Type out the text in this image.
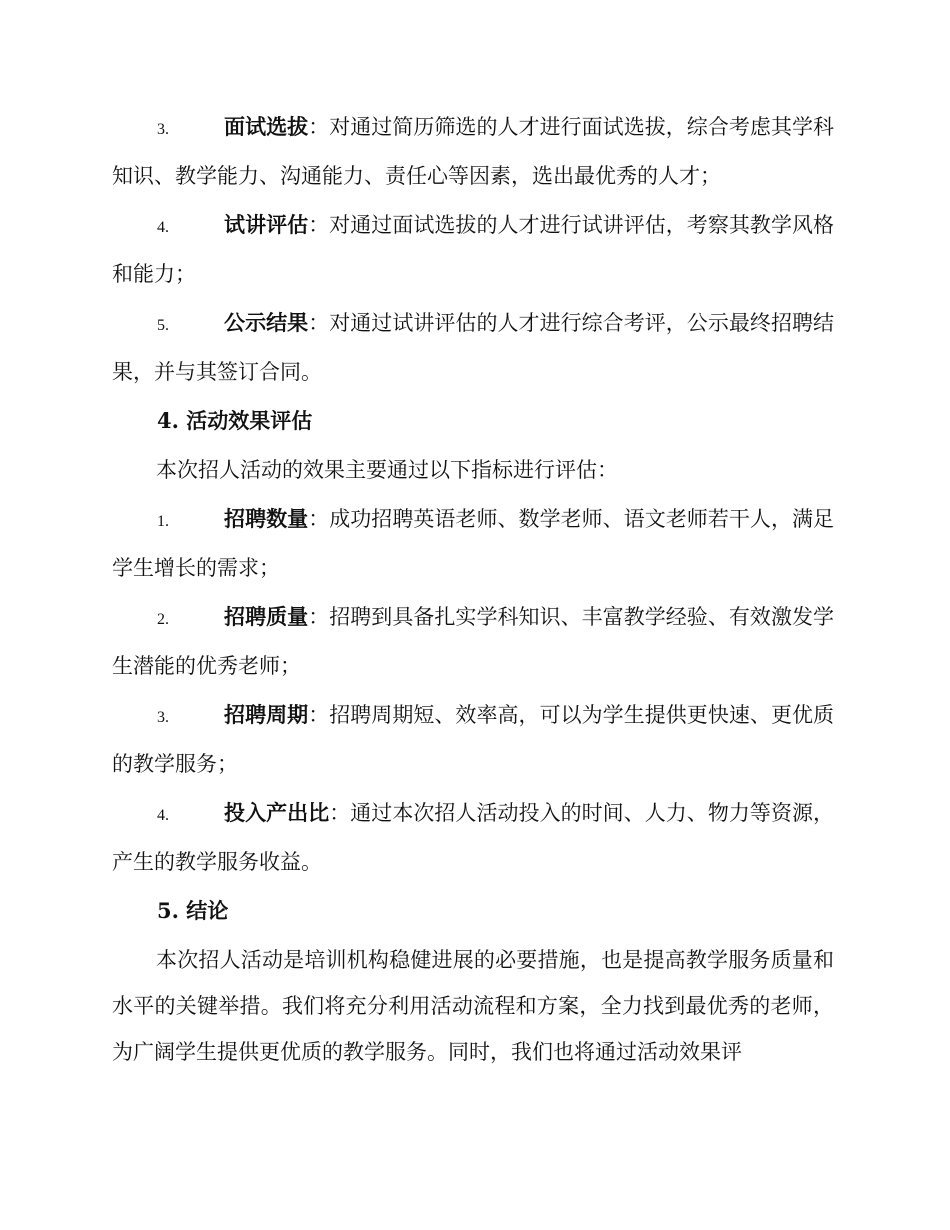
3.	面试选拔：对通过简历筛选的人才进行面试选拔，综合考虑其学科知识、教学能力、沟通能力、责任心等因素，选出最优秀的人才；

4.	试讲评估：对通过面试选拔的人才进行试讲评估，考察其教学风格和能力；

5.	公示结果：对通过试讲评估的人才进行综合考评，公示最终招聘结果，并与其签订合同。

4. 活动效果评估

本次招人活动的效果主要通过以下指标进行评估：

1.	招聘数量：成功招聘英语老师、数学老师、语文老师若干人，满足学生增长的需求；

2.	招聘质量：招聘到具备扎实学科知识、丰富教学经验、有效激发学生潜能的优秀老师；

3.	招聘周期：招聘周期短、效率高，可以为学生提供更快速、更优质的教学服务；

4.	投入产出比：通过本次招人活动投入的时间、人力、物力等资源，产生的教学服务收益。

5. 结论

本次招人活动是培训机构稳健进展的必要措施，也是提高教学服务质量和水平的关键举措。我们将充分利用活动流程和方案，全力找到最优秀的老师，为广阔学生提供更优质的教学服务。同时，我们也将通过活动效果评
